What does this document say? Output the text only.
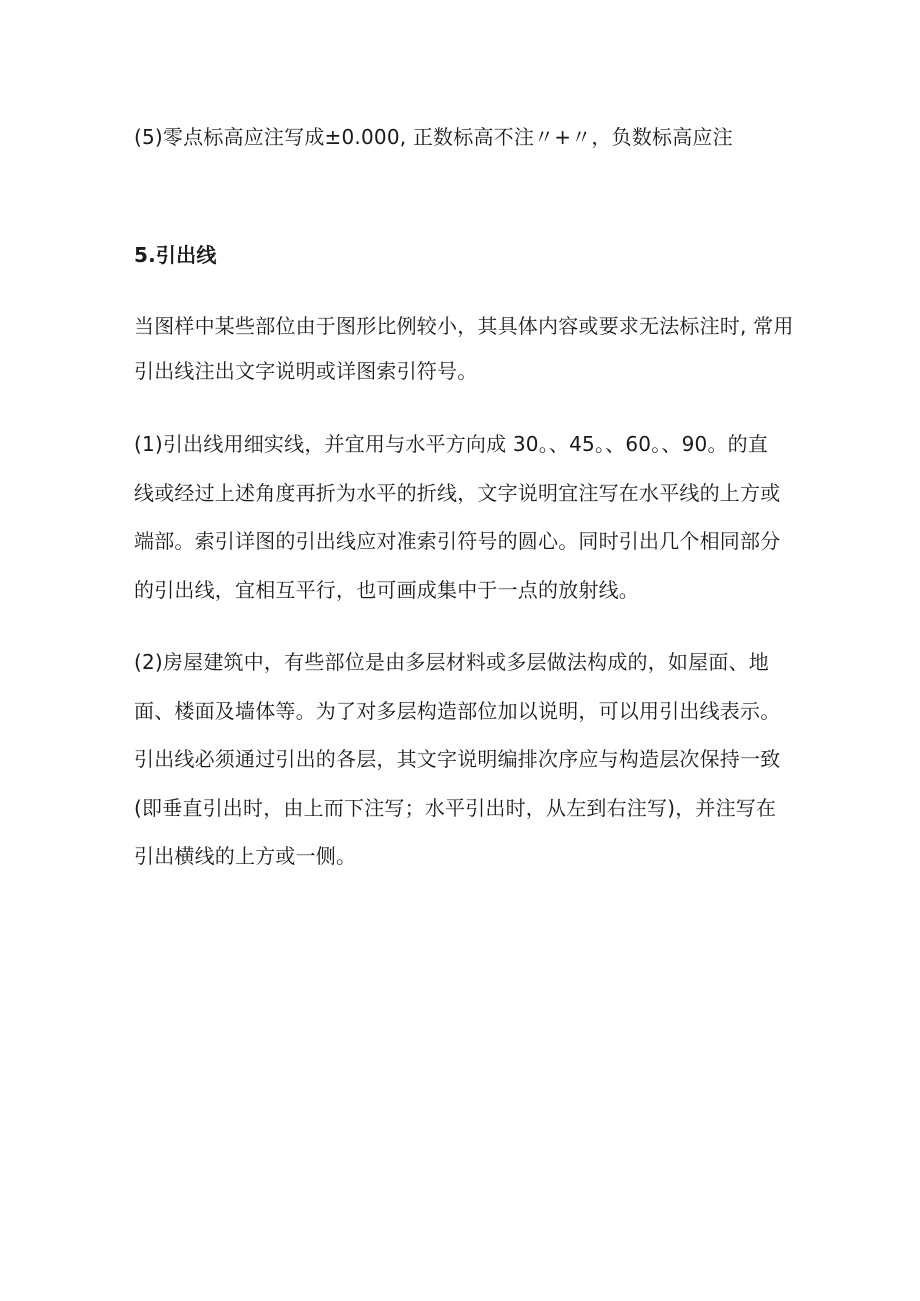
(5)零点标高应注写成±0.000, 正数标高不注〃+〃，负数标高应注
5.引出线
当图样中某些部位由于图形比例较小，其具体内容或要求无法标注时, 常用
引出线注出文字说明或详图索引符号。
(1)引出线用细实线，并宜用与水平方向成 30。、45。、60。、90。的直
线或经过上述角度再折为水平的折线，文字说明宜注写在水平线的上方或
端部。索引详图的引出线应对准索引符号的圆心。同时引出几个相同部分
的引出线，宜相互平行，也可画成集中于一点的放射线。
(2)房屋建筑中，有些部位是由多层材料或多层做法构成的，如屋面、地
面、楼面及墙体等。为了对多层构造部位加以说明，可以用引出线表示。
引出线必须通过引出的各层，其文字说明编排次序应与构造层次保持一致
(即垂直引出时，由上而下注写；水平引出时，从左到右注写)，并注写在
引出横线的上方或一侧。
